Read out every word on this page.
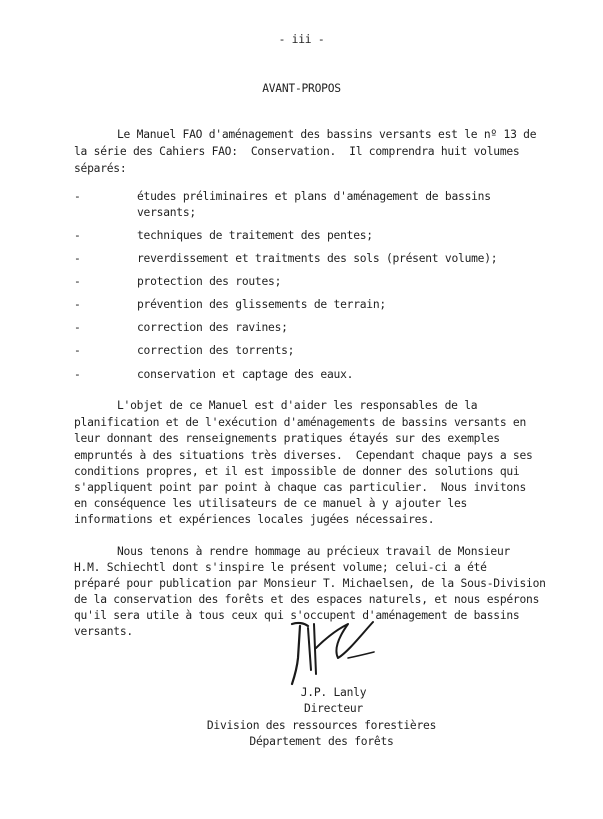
- iii -
AVANT-PROPOS
Le Manuel FAO d'aménagement des bassins versants est le nº 13 de
la série des Cahiers FAO:  Conservation.  Il comprendra huit volumes
séparés:
-	études préliminaires et plans d'aménagement de bassins
versants;
-	techniques de traitement des pentes;
-	reverdissement et traitments des sols (présent volume);
-	protection des routes;
-	prévention des glissements de terrain;
-	correction des ravines;
-	correction des torrents;
-	conservation et captage des eaux.
L'objet de ce Manuel est d'aider les responsables de la
planification et de l'exécution d'aménagements de bassins versants en
leur donnant des renseignements pratiques étayés sur des exemples
empruntés à des situations très diverses.  Cependant chaque pays a ses
conditions propres, et il est impossible de donner des solutions qui
s'appliquent point par point à chaque cas particulier.  Nous invitons
en conséquence les utilisateurs de ce manuel à y ajouter les
informations et expériences locales jugées nécessaires.
Nous tenons à rendre hommage au précieux travail de Monsieur
H.M. Schiechtl dont s'inspire le présent volume; celui-ci a été
préparé pour publication par Monsieur T. Michaelsen, de la Sous-Division
de la conservation des forêts et des espaces naturels, et nous espérons
qu'il sera utile à tous ceux qui s'occupent d'aménagement de bassins
versants.
J.P. Lanly
Directeur
Division des ressources forestières
Département des forêts
